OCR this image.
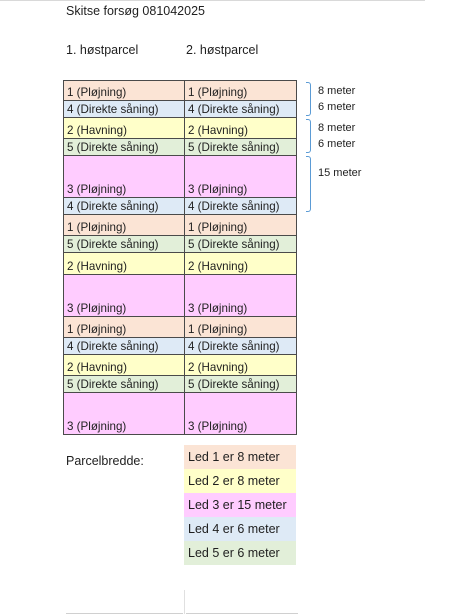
Skitse forsøg 081042025
1. høstparcel	2. høstparcel
1 (Pløjning)	1 (Pløjning)
4 (Direkte såning)	4 (Direkte såning)
2 (Havning)	2 (Havning)
5 (Direkte såning)	5 (Direkte såning)
3 (Pløjning)	3 (Pløjning)
4 (Direkte såning)	4 (Direkte såning)
1 (Pløjning)	1 (Pløjning)
5 (Direkte såning)	5 (Direkte såning)
2 (Havning)	2 (Havning)
3 (Pløjning)	3 (Pløjning)
1 (Pløjning)	1 (Pløjning)
4 (Direkte såning)	4 (Direkte såning)
2 (Havning)	2 (Havning)
5 (Direkte såning)	5 (Direkte såning)
3 (Pløjning)	3 (Pløjning)
8 meter
6 meter
8 meter
6 meter
15 meter
Parcelbredde:	Led 1 er 8 meter
Led 2 er 8 meter
Led 3 er 15 meter
Led 4 er 6 meter
Led 5 er 6 meter
